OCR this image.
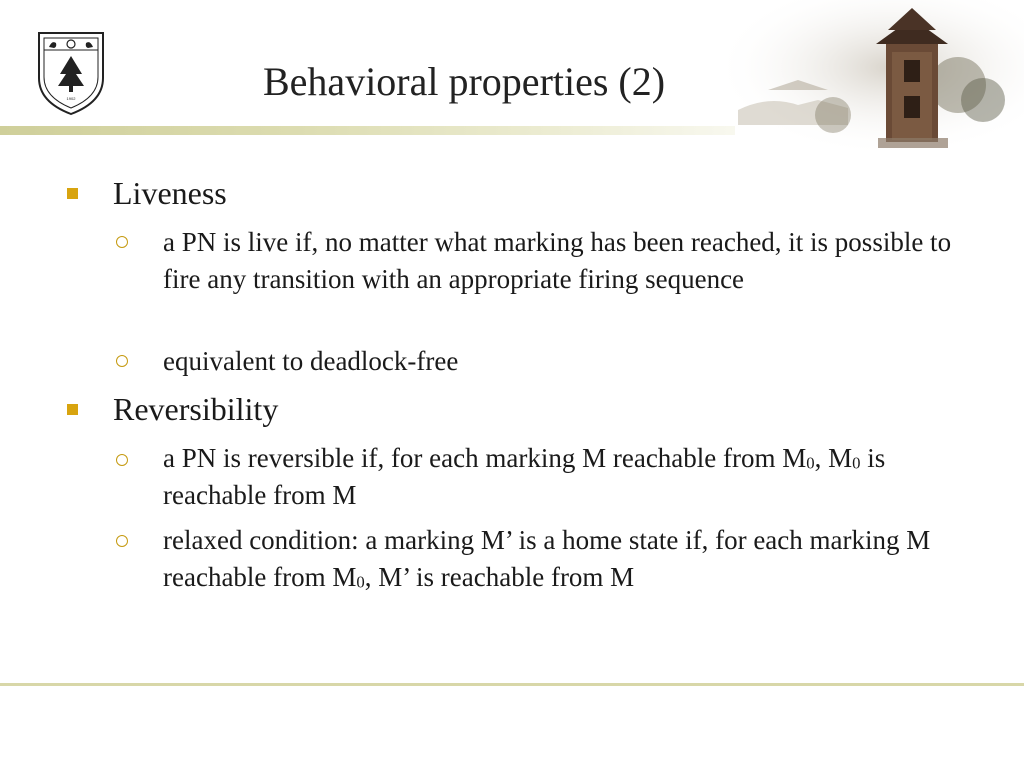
1902	Behavioral properties (2)
Liveness
a PN is live if, no matter what marking has been reached, it is possible to fire any transition with an appropriate firing sequence
equivalent to deadlock-free
Reversibility
a PN is reversible if, for each marking M reachable from $M_0$, $M_0$ is reachable from M
relaxed condition: a marking M’ is a home state if, for each marking M reachable from $M_0$, M’ is reachable from M
